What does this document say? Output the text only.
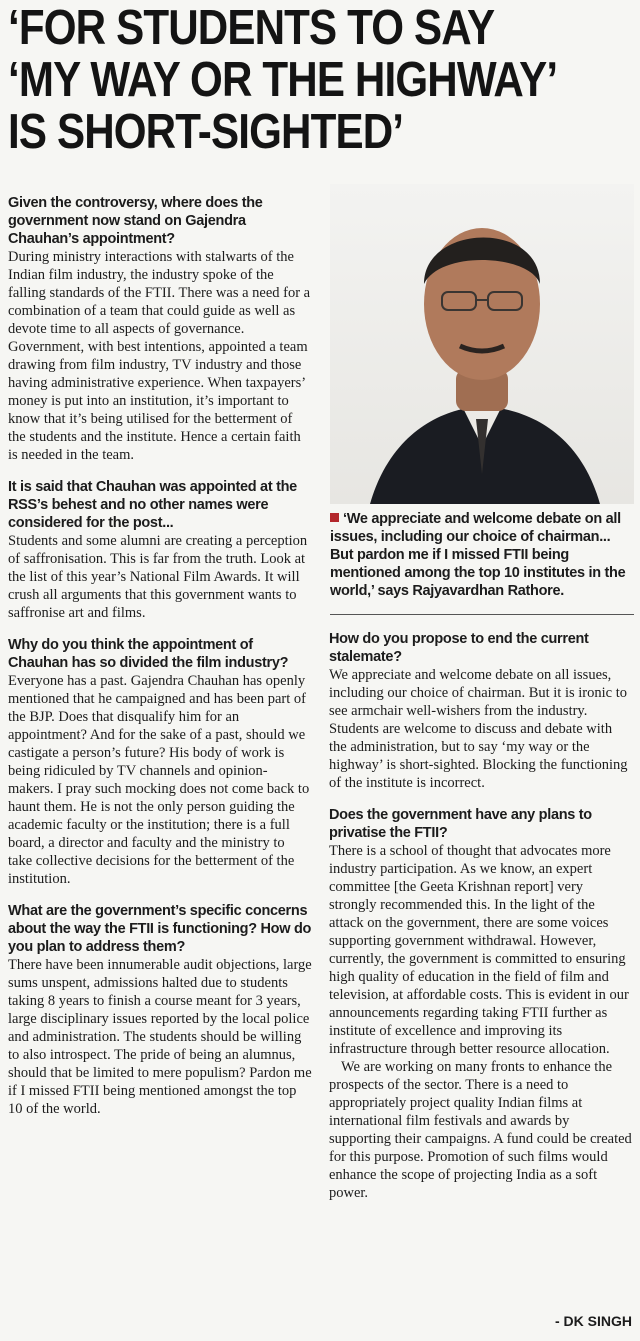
‘FOR STUDENTS TO SAY
‘MY WAY OR THE HIGHWAY’
IS SHORT-SIGHTED’

Given the controversy, where does the government now stand on Gajendra Chauhan’s appointment?

During ministry interactions with stalwarts of the Indian film industry, the industry spoke of the falling standards of the FTII. There was a need for a combination of a team that could guide as well as devote time to all aspects of governance. Government, with best intentions, appointed a team drawing from film industry, TV industry and those having administrative experience. When taxpayers’ money is put into an institution, it’s important to know that it’s being utilised for the betterment of the students and the institute. Hence a certain faith is needed in the team.

It is said that Chauhan was appointed at the RSS’s behest and no other names were considered for the post...

Students and some alumni are creating a perception of saffronisation. This is far from the truth. Look at the list of this year’s National Film Awards. It will crush all arguments that this government wants to saffronise art and films.

Why do you think the appointment of Chauhan has so divided the film industry?

Everyone has a past. Gajendra Chauhan has openly mentioned that he campaigned and has been part of the BJP. Does that disqualify him for an appointment? And for the sake of a past, should we castigate a person’s future? His body of work is being ridiculed by TV channels and opinion-makers. I pray such mocking does not come back to haunt them. He is not the only person guiding the academic faculty or the institution; there is a full board, a director and faculty and the ministry to take collective decisions for the betterment of the institution.

What are the government’s specific concerns about the way the FTII is functioning? How do you plan to address them?

There have been innumerable audit objections, large sums unspent, admissions halted due to students taking 8 years to finish a course meant for 3 years, large disciplinary issues reported by the local police and administration. The students should be willing to also introspect. The pride of being an alumnus, should that be limited to mere populism? Pardon me if I missed FTII being mentioned amongst the top 10 of the world.

‘We appreciate and welcome debate on all issues, including our choice of chairman... But pardon me if I missed FTII being mentioned among the top 10 institutes in the world,’ says Rajyavardhan Rathore.

How do you propose to end the current stalemate?

We appreciate and welcome debate on all issues, including our choice of chairman. But it is ironic to see armchair well-wishers from the industry. Students are welcome to discuss and debate with the administration, but to say ‘my way or the highway’ is short-sighted. Blocking the functioning of the institute is incorrect.

Does the government have any plans to privatise the FTII?

There is a school of thought that advocates more industry participation. As we know, an expert committee [the Geeta Krishnan report] very strongly recommended this. In the light of the attack on the government, there are some voices supporting government withdrawal. However, currently, the government is committed to ensuring high quality of education in the field of film and television, at affordable costs. This is evident in our announcements regarding taking FTII further as institute of excellence and improving its infrastructure through better resource allocation.

We are working on many fronts to enhance the prospects of the sector. There is a need to appropriately project quality Indian films at international film festivals and awards by supporting their campaigns. A fund could be created for this purpose. Promotion of such films would enhance the scope of projecting India as a soft power.

- DK SINGH
